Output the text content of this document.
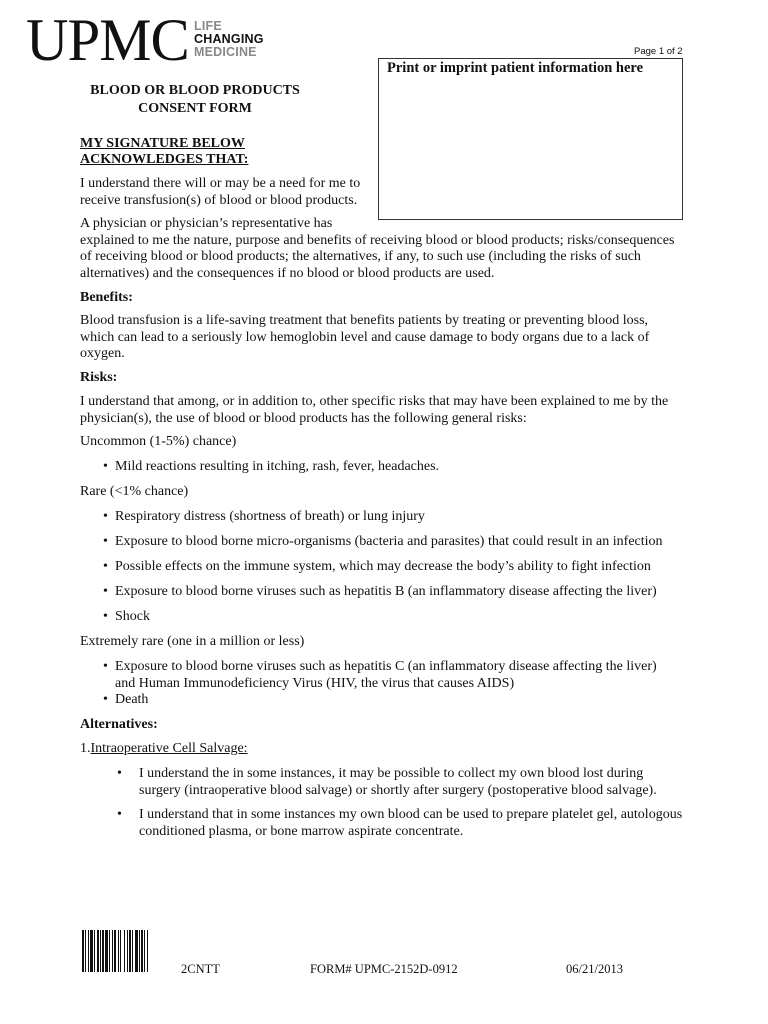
UPMC LIFE
CHANGING
MEDICINE	Page 1 of 2
Print or imprint patient information here
BLOOD OR BLOOD PRODUCTS
CONSENT FORM
MY SIGNATURE BELOW
ACKNOWLEDGES THAT:
I understand there will or may be a need for me to
receive transfusion(s) of blood or blood products.
A physician or physician’s representative has
explained to me the nature, purpose and benefits of receiving blood or blood products; risks/consequences of receiving blood or blood products; the alternatives, if any, to such use (including the risks of such alternatives) and the consequences if no blood or blood products are used.
Benefits:
Blood transfusion is a life-saving treatment that benefits patients by treating or preventing blood loss, which can lead to a seriously low hemoglobin level and cause damage to body organs due to a lack of oxygen.
Risks:
I understand that among, or in addition to, other specific risks that may have been explained to me by the physician(s), the use of blood or blood products has the following general risks:
Uncommon (1-5%) chance)
• Mild reactions resulting in itching, rash, fever, headaches.
Rare (<1% chance)
• Respiratory distress (shortness of breath) or lung injury
• Exposure to blood borne micro-organisms (bacteria and parasites) that could result in an infection
• Possible effects on the immune system, which may decrease the body’s ability to fight infection
• Exposure to blood borne viruses such as hepatitis B (an inflammatory disease affecting the liver)
• Shock
Extremely rare (one in a million or less)
• Exposure to blood borne viruses such as hepatitis C (an inflammatory disease affecting the liver) and Human Immunodeficiency Virus (HIV, the virus that causes AIDS)
• Death
Alternatives:
1.Intraoperative Cell Salvage:
•	I understand the in some instances, it may be possible to collect my own blood lost during surgery (intraoperative blood salvage) or shortly after surgery (postoperative blood salvage).
•	I understand that in some instances my own blood can be used to prepare platelet gel, autologous conditioned plasma, or bone marrow aspirate concentrate.
2CNTT	FORM# UPMC-2152D-0912	06/21/2013
